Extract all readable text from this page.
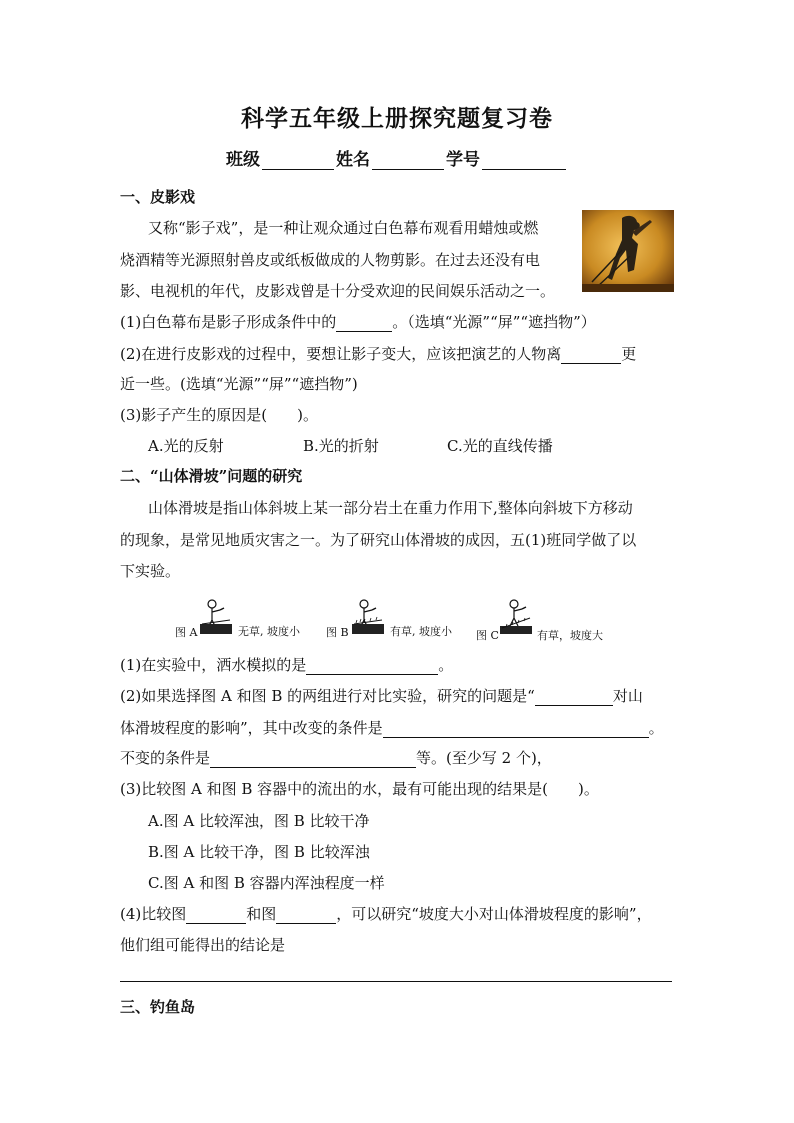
科学五年级上册探究题复习卷
班级	姓名	学号
一、皮影戏
又称“影子戏”，是一种让观众通过白色幕布观看用蜡烛或燃
烧酒精等光源照射兽皮或纸板做成的人物剪影。在过去还没有电
影、电视机的年代，皮影戏曾是十分受欢迎的民间娱乐活动之一。
(1)白色幕布是影子形成条件中的	。（选填“光源”“屏”“遮挡物”）
(2)在进行皮影戏的过程中，要想让影子变大，应该把演艺的人物离	更
近一些。(选填“光源”“屏”“遮挡物”)
(3)影子产生的原因是(　　)。
A.光的反射	B.光的折射	C.光的直线传播
二、“山体滑坡”问题的研究
山体滑坡是指山体斜坡上某一部分岩土在重力作用下,整体向斜坡下方移动
的现象，是常见地质灾害之一。为了研究山体滑坡的成因，五(1)班同学做了以
下实验。
图 A	无草, 坡度小 图 B	有草, 坡度小 图 C	有草，坡度大
(1)在实验中，洒水模拟的是	。
(2)如果选择图 A 和图 B 的两组进行对比实验，研究的问题是“	对山
体滑坡程度的影响”，其中改变的条件是	。
不变的条件是	等。(至少写 2 个)，
(3)比较图 A 和图 B 容器中的流出的水，最有可能出现的结果是(　　)。
A.图 A 比较浑浊，图 B 比较干净
B.图 A 比较干净，图 B 比较浑浊
C.图 A 和图 B 容器内浑浊程度一样
(4)比较图	和图	，可以研究“坡度大小对山体滑坡程度的影响”，
他们组可能得出的结论是
三、钓鱼岛
